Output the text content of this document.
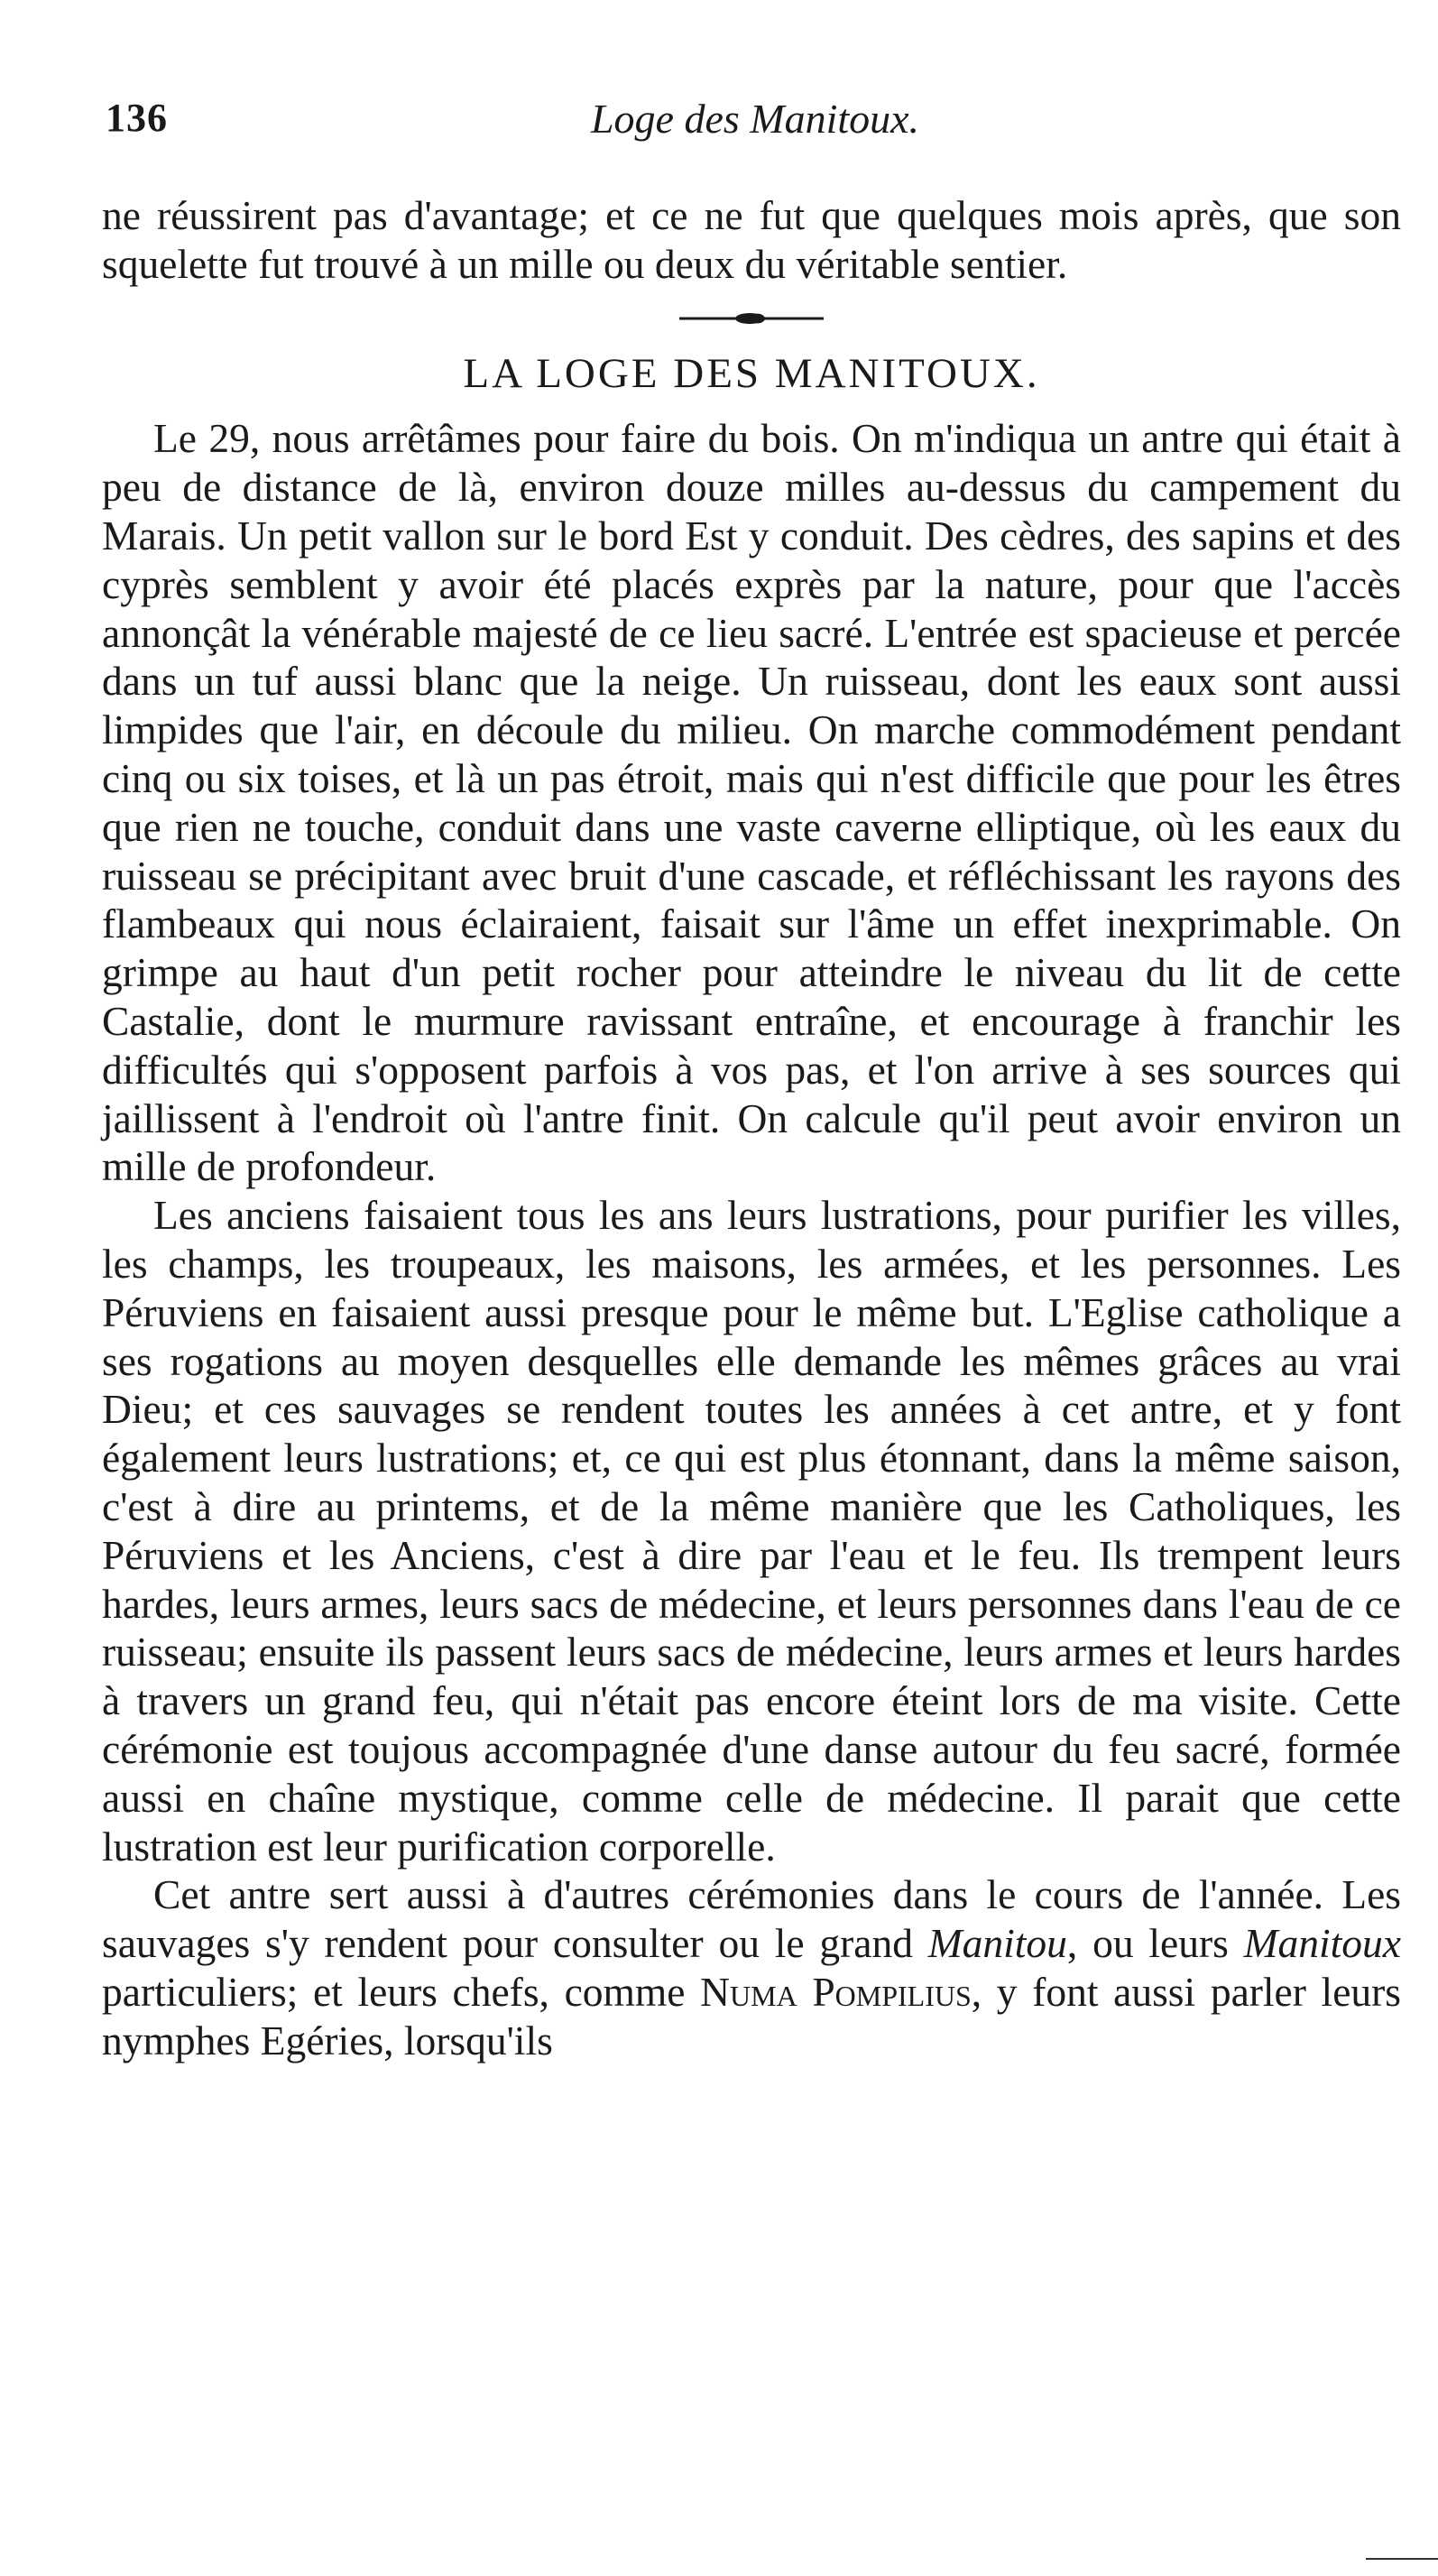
136	Loge des Manitoux.

ne réussirent pas d'avantage; et ce ne fut que quelques mois après, que son squelette fut trouvé à un mille ou deux du véritable sentier.

LA LOGE DES MANITOUX.

Le 29, nous arrêtâmes pour faire du bois. On m'indiqua un antre qui était à peu de distance de là, environ douze milles au-dessus du campement du Marais. Un petit vallon sur le bord Est y conduit. Des cèdres, des sapins et des cyprès semblent y avoir été placés exprès par la nature, pour que l'accès annonçât la vénérable majesté de ce lieu sacré. L'entrée est spacieuse et percée dans un tuf aussi blanc que la neige. Un ruisseau, dont les eaux sont aussi limpides que l'air, en découle du milieu. On marche commodément pendant cinq ou six toises, et là un pas étroit, mais qui n'est difficile que pour les êtres que rien ne touche, conduit dans une vaste caverne elliptique, où les eaux du ruisseau se précipitant avec bruit d'une cascade, et réfléchissant les rayons des flambeaux qui nous éclairaient, faisait sur l'âme un effet inexprimable. On grimpe au haut d'un petit rocher pour atteindre le niveau du lit de cette Castalie, dont le murmure ravissant entraîne, et encourage à franchir les difficultés qui s'opposent parfois à vos pas, et l'on arrive à ses sources qui jaillissent à l'endroit où l'antre finit. On calcule qu'il peut avoir environ un mille de profondeur.

Les anciens faisaient tous les ans leurs lustrations, pour purifier les villes, les champs, les troupeaux, les maisons, les armées, et les personnes. Les Péruviens en faisaient aussi presque pour le même but. L'Eglise catholique a ses rogations au moyen desquelles elle demande les mêmes grâces au vrai Dieu; et ces sauvages se rendent toutes les années à cet antre, et y font également leurs lustrations; et, ce qui est plus étonnant, dans la même saison, c'est à dire au printems, et de la même manière que les Catholiques, les Péruviens et les Anciens, c'est à dire par l'eau et le feu. Ils trempent leurs hardes, leurs armes, leurs sacs de médecine, et leurs personnes dans l'eau de ce ruisseau; ensuite ils passent leurs sacs de médecine, leurs armes et leurs hardes à travers un grand feu, qui n'était pas encore éteint lors de ma visite. Cette cérémonie est toujous accompagnée d'une danse autour du feu sacré, formée aussi en chaîne mystique, comme celle de médecine. Il parait que cette lustration est leur purification corporelle.

Cet antre sert aussi à d'autres cérémonies dans le cours de l'année. Les sauvages s'y rendent pour consulter ou le grand Manitou, ou leurs Manitoux particuliers; et leurs chefs, comme Numa Pompilius, y font aussi parler leurs nymphes Egéries, lorsqu'ils
